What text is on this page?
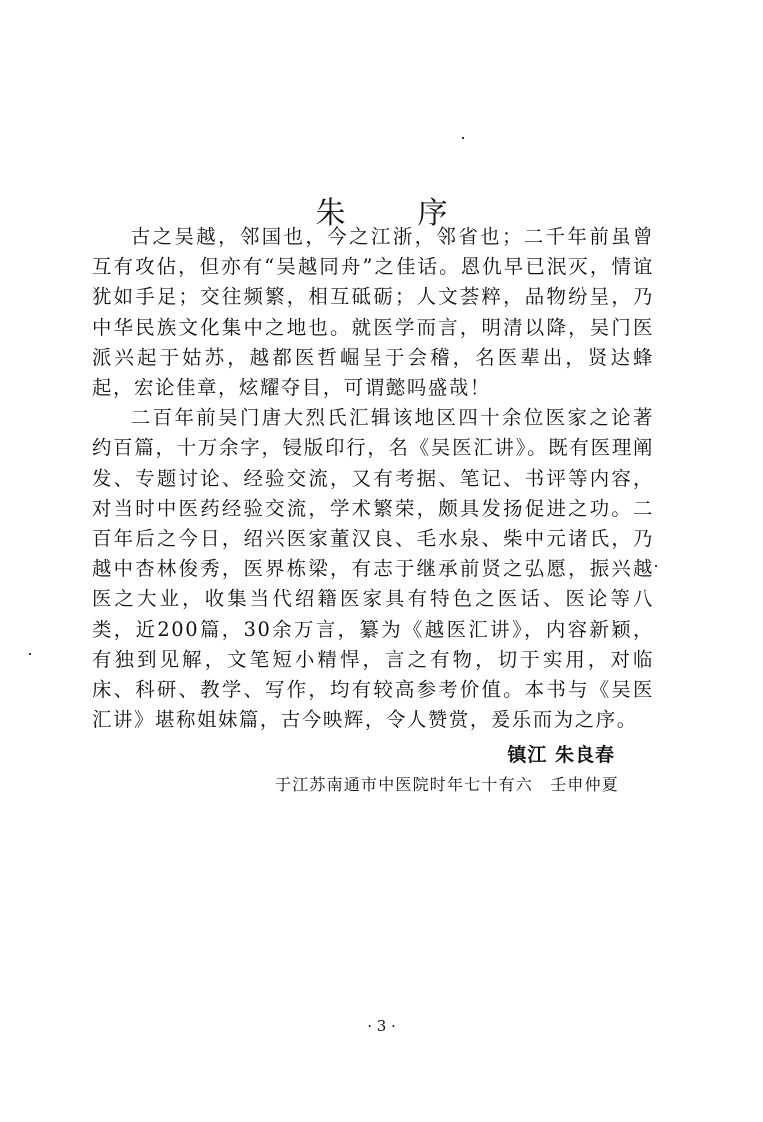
朱 序

古之吴越，邻国也，今之江浙，邻省也；二千年前虽曾互有攻佔，但亦有“吴越同舟”之佳话。恩仇早已泯灭，情谊犹如手足；交往频繁，相互砥砺；人文荟粹，品物纷呈，乃中华民族文化集中之地也。就医学而言，明清以降，吴门医派兴起于姑苏，越都医哲崛呈于会稽，名医辈出，贤达蜂起，宏论佳章，炫耀夺目，可谓懿吗盛哉！

二百年前吴门唐大烈氏汇辑该地区四十余位医家之论著约百篇，十万余字，锓版印行，名《吴医汇讲》。既有医理阐发、专题讨论、经验交流，又有考据、笔记、书评等内容，对当时中医药经验交流，学术繁荣，颇具发扬促进之功。二百年后之今日，绍兴医家董汉良、毛水泉、柴中元诸氏，乃越中杏林俊秀，医界栋梁，有志于继承前贤之弘愿，振兴越医之大业，收集当代绍籍医家具有特色之医话、医论等八类，近200篇，30余万言，纂为《越医汇讲》，内容新颖，有独到见解，文笔短小精悍，言之有物，切于实用，对临床、科研、教学、写作，均有较高参考价值。本书与《吴医汇讲》堪称姐妹篇，古今映辉，令人赞赏，爰乐而为之序。

镇江 朱良春
于江苏南通市中医院时年七十有六　壬申仲夏
· 3 ·
